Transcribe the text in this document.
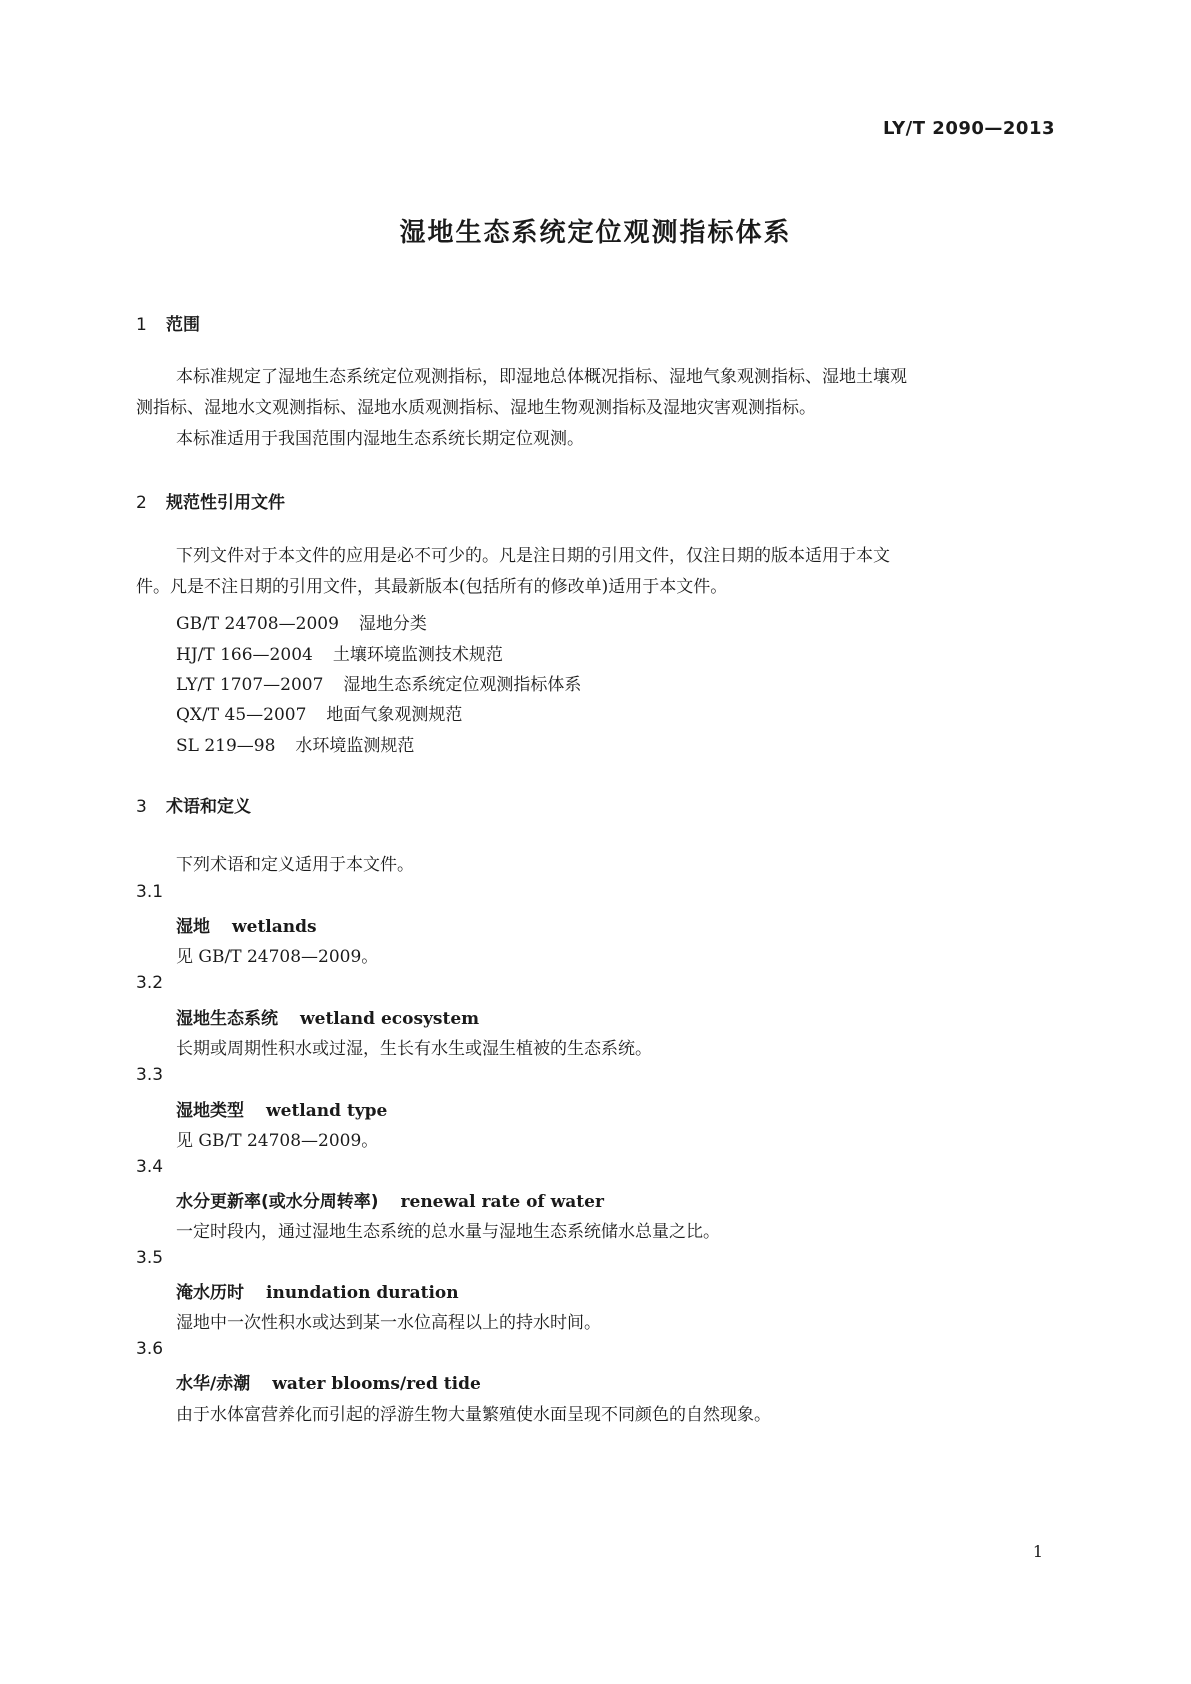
LY/T 2090—2013
湿地生态系统定位观测指标体系
1 范围
本标准规定了湿地生态系统定位观测指标，即湿地总体概况指标、湿地气象观测指标、湿地土壤观
测指标、湿地水文观测指标、湿地水质观测指标、湿地生物观测指标及湿地灾害观测指标。
本标准适用于我国范围内湿地生态系统长期定位观测。
2 规范性引用文件
下列文件对于本文件的应用是必不可少的。凡是注日期的引用文件，仅注日期的版本适用于本文
件。凡是不注日期的引用文件，其最新版本(包括所有的修改单)适用于本文件。
GB/T 24708—2009 湿地分类
HJ/T 166—2004 土壤环境监测技术规范
LY/T 1707—2007 湿地生态系统定位观测指标体系
QX/T 45—2007 地面气象观测规范
SL 219—98 水环境监测规范
3 术语和定义
下列术语和定义适用于本文件。
3.1
湿地 wetlands
见 GB/T 24708—2009。
3.2
湿地生态系统 wetland ecosystem
长期或周期性积水或过湿，生长有水生或湿生植被的生态系统。
3.3
湿地类型 wetland type
见 GB/T 24708—2009。
3.4
水分更新率(或水分周转率) renewal rate of water
一定时段内，通过湿地生态系统的总水量与湿地生态系统储水总量之比。
3.5
淹水历时 inundation duration
湿地中一次性积水或达到某一水位高程以上的持水时间。
3.6
水华/赤潮 water blooms/red tide
由于水体富营养化而引起的浮游生物大量繁殖使水面呈现不同颜色的自然现象。
1
